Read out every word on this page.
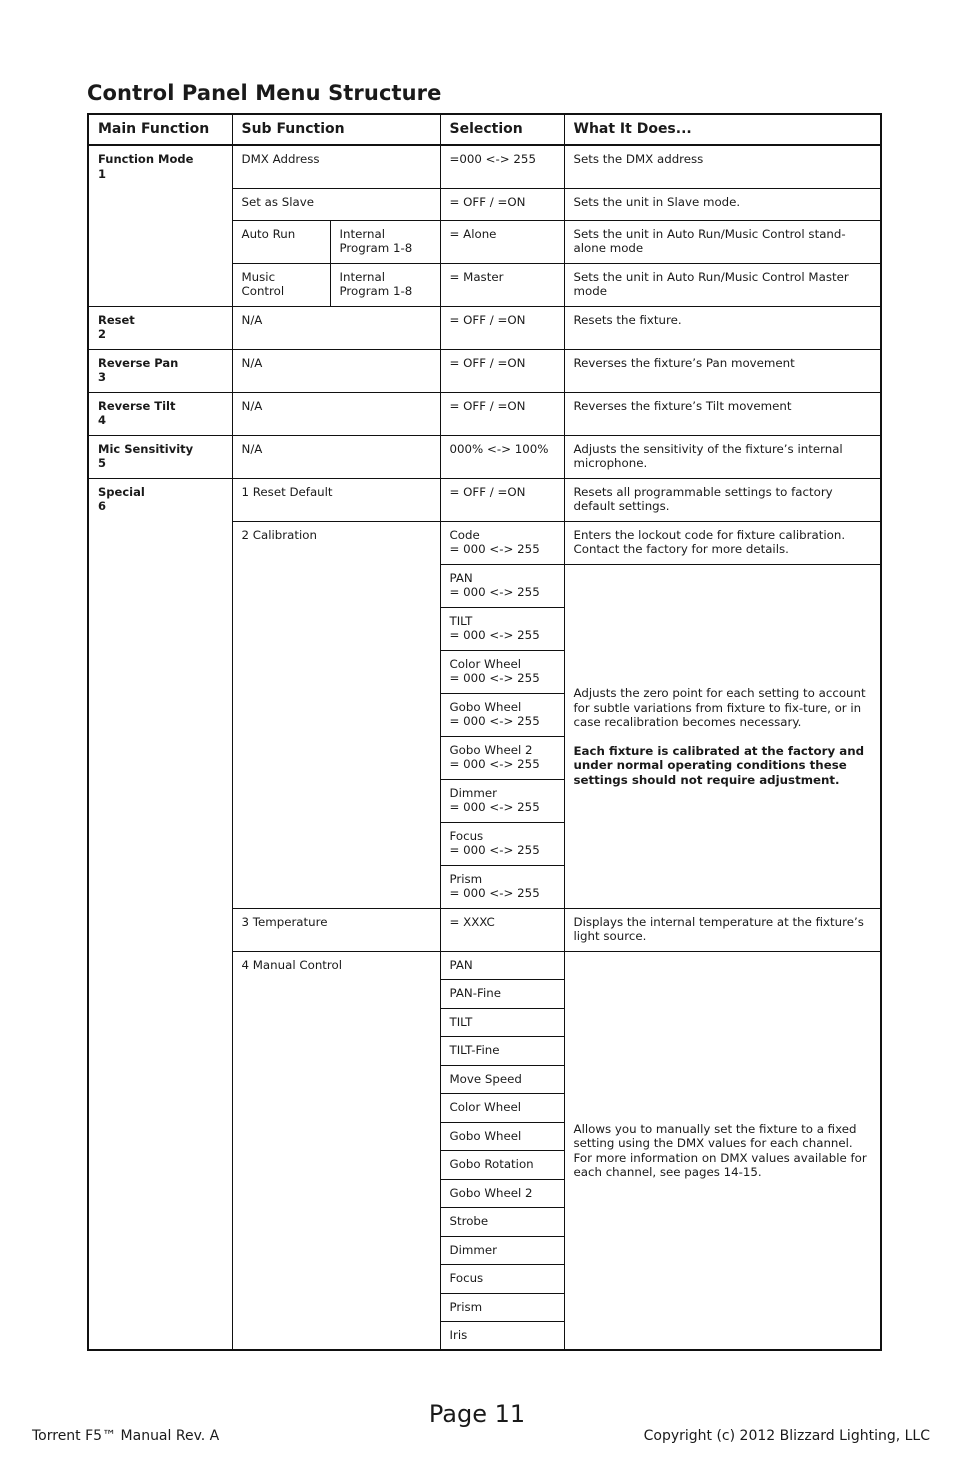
Control Panel Menu Structure
Main Function	Sub Function		Selection	What It Does...
Function Mode
1	DMX Address		=000 <-> 255	Sets the DMX address
	Set as Slave		= OFF / =ON	Sets the unit in Slave mode.
	Auto Run	Internal Program 1-8	= Alone	Sets the unit in Auto Run/Music Control stand-alone mode
	Music Control	Internal Program 1-8	= Master	Sets the unit in Auto Run/Music Control Master mode
Reset
2	N/A		= OFF / =ON	Resets the fixture.
Reverse Pan
3	N/A		= OFF / =ON	Reverses the fixture’s Pan movement
Reverse Tilt
4	N/A		= OFF / =ON	Reverses the fixture’s Tilt movement
Mic Sensitivity
5	N/A		000% <-> 100%	Adjusts the sensitivity of the fixture’s internal microphone.
Special
6	1 Reset Default		= OFF / =ON	Resets all programmable settings to factory default settings.
	2 Calibration		Code
= 000 <-> 255	Enters the lockout code for fixture calibration. Contact the factory for more details.
			PAN
= 000 <-> 255	Adjusts the zero point for each setting to account for subtle variations from fixture to fix-ture, or in case recalibration becomes necessary.
Each fixture is calibrated at the factory and under normal operating conditions these settings should not require adjustment.
			TILT
= 000 <-> 255	
			Color Wheel
= 000 <-> 255	
			Gobo Wheel
= 000 <-> 255	
			Gobo Wheel 2
= 000 <-> 255	
			Dimmer
= 000 <-> 255	
			Focus
= 000 <-> 255	
			Prism
= 000 <-> 255	
	3 Temperature		= XXXC	Displays the internal temperature at the fixture’s light source.
	4 Manual Control		PAN	Allows you to manually set the fixture to a fixed setting using the DMX values for each channel. For more information on DMX values available for each channel, see pages 14-15.
			PAN-Fine	
			TILT	
			TILT-Fine	
			Move Speed	
			Color Wheel	
			Gobo Wheel	
			Gobo Rotation	
			Gobo Wheel 2	
			Strobe	
			Dimmer	
			Focus	
			Prism	
			Iris	
Page 11
Torrent F5™ Manual Rev. A	Copyright (c) 2012 Blizzard Lighting, LLC
